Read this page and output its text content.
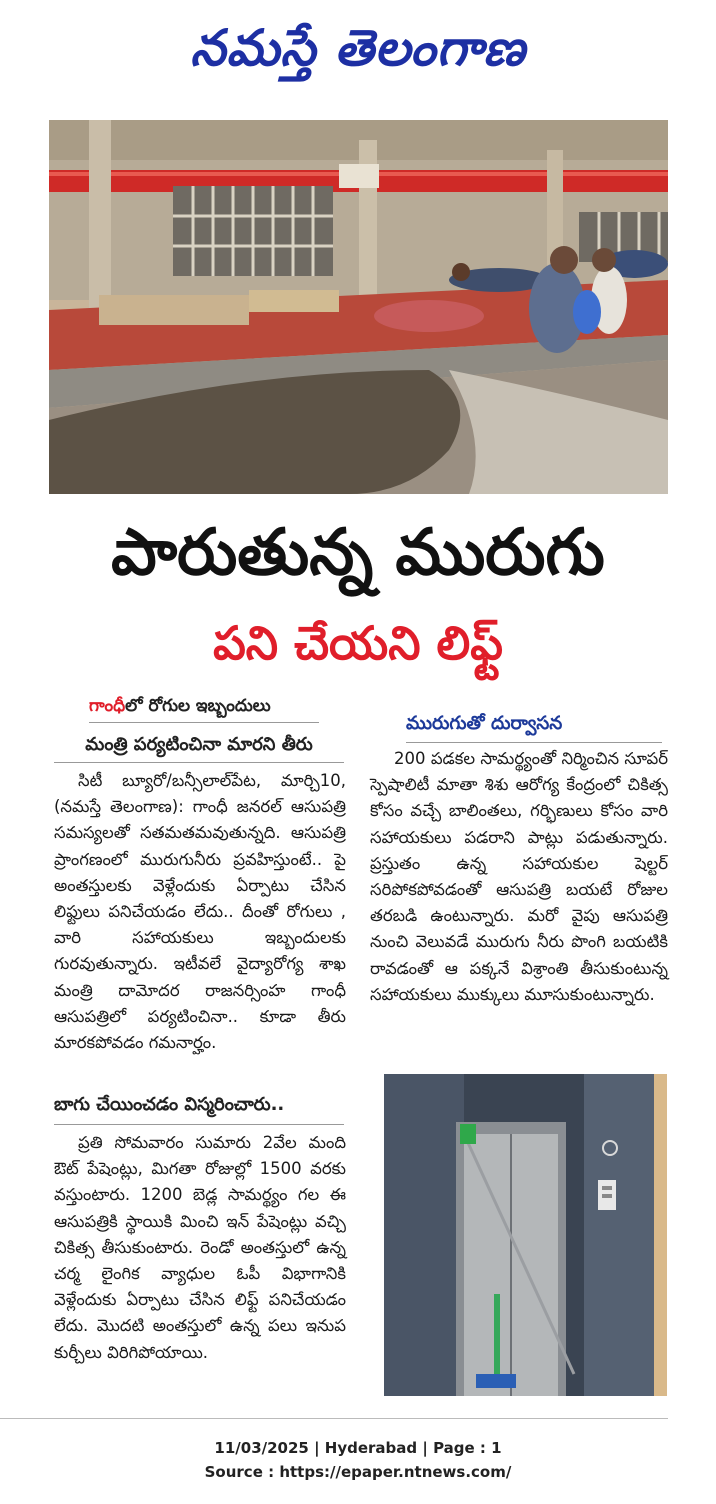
నమస్తే తెలంగాణ
పారుతున్న మురుగు
పని చేయని లిఫ్ట్
గాంధీలో రోగుల ఇబ్బందులు
మంత్రి పర్యటించినా మారని తీరు

సిటీ బ్యూరో/బన్సీలాల్‌పేట, మార్చి10, (నమస్తే తెలంగాణ): గాంధీ జనరల్ ఆసుపత్రి సమస్యలతో సతమతమవుతున్నది. ఆసుపత్రి ప్రాంగణంలో మురుగునీరు ప్రవహిస్తుంటే.. పై అంతస్తులకు వెళ్లేందుకు ఏర్పాటు చేసిన లిఫ్టులు పనిచేయడం లేదు.. దీంతో రోగులు , వారి సహాయకులు ఇబ్బందులకు గురవుతున్నారు. ఇటీవలే వైద్యారోగ్య శాఖ మంత్రి దామోదర రాజనర్సింహ గాంధీ ఆసుపత్రిలో పర్యటించినా.. కూడా తీరు మారకపోవడం గమనార్హం.

బాగు చేయించడం విస్మరించారు..

ప్రతి సోమవారం సుమారు 2వేల మంది ఔట్ పేషెంట్లు, మిగతా రోజుల్లో 1500 వరకు వస్తుంటారు. 1200 బెడ్ల సామర్థ్యం గల ఈ ఆసుపత్రికి స్థాయికి మించి ఇన్ పేషెంట్లు వచ్చి చికిత్స తీసుకుంటారు. రెండో అంతస్తులో ఉన్న చర్మ లైంగిక వ్యాధుల ఓపీ విభాగానికి వెళ్లేందుకు ఏర్పాటు చేసిన లిఫ్ట్ పనిచేయడం లేదు. మొదటి అంతస్తులో ఉన్న పలు ఇనుప కుర్చీలు విరిగిపోయాయి.

మురుగుతో దుర్వాసన

200 పడకల సామర్థ్యంతో నిర్మించిన సూపర్ స్పెషాలిటీ మాతా శిశు ఆరోగ్య కేంద్రంలో చికిత్స కోసం వచ్చే బాలింతలు, గర్భిణులు కోసం వారి సహాయకులు పడరాని పాట్లు పడుతున్నారు. ప్రస్తుతం ఉన్న సహాయకుల షెల్టర్ సరిపోకపోవడంతో ఆసుపత్రి బయటే రోజుల తరబడి ఉంటున్నారు. మరో వైపు ఆసుపత్రి నుంచి వెలువడే మురుగు నీరు పొంగి బయటికి రావడంతో ఆ పక్కనే విశ్రాంతి తీసుకుంటున్న సహాయకులు ముక్కులు మూసుకుంటున్నారు.

11/03/2025 | Hyderabad | Page : 1
Source : https://epaper.ntnews.com/
